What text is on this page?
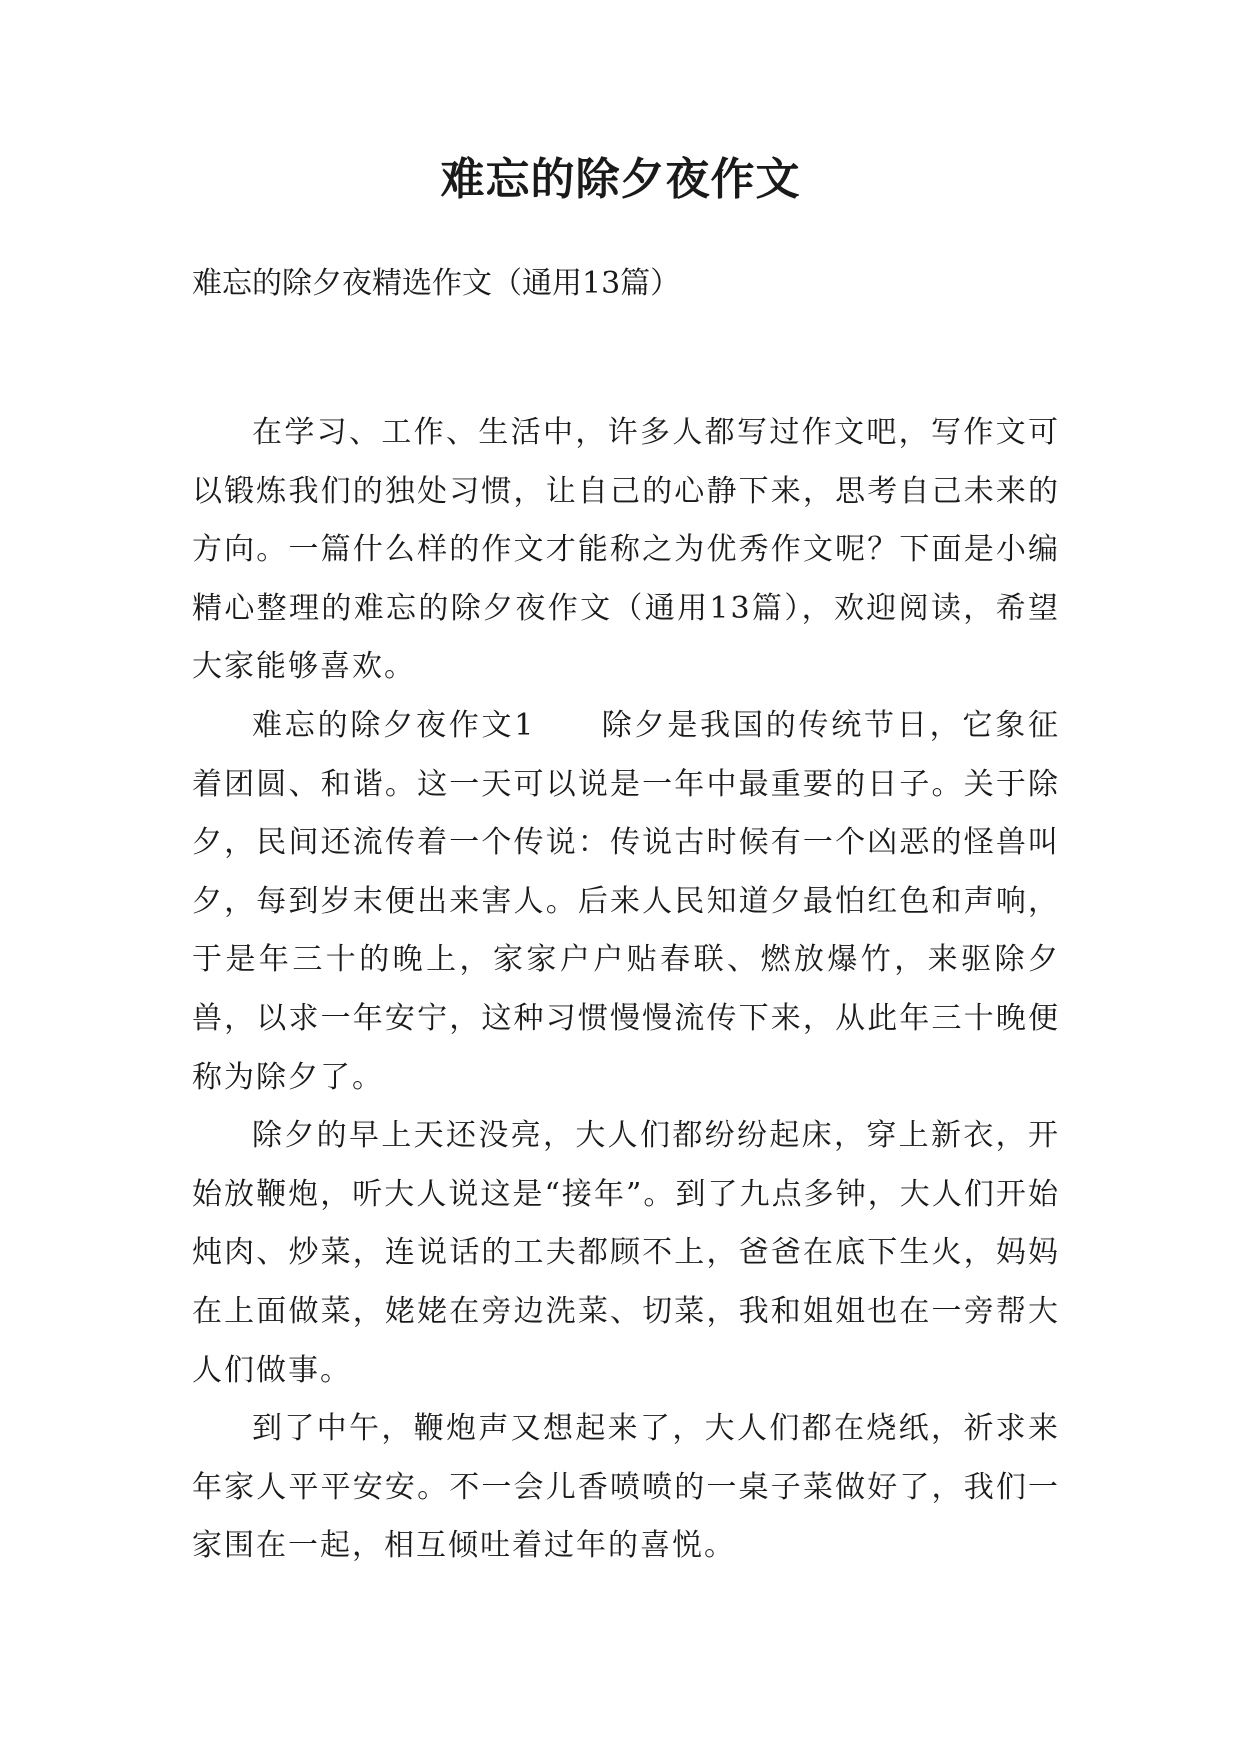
难忘的除夕夜作文
难忘的除夕夜精选作文（通用13篇）

在学习、工作、生活中，许多人都写过作文吧，写作文可以锻炼我们的独处习惯，让自己的心静下来，思考自己未来的方向。一篇什么样的作文才能称之为优秀作文呢？下面是小编精心整理的难忘的除夕夜作文（通用13篇），欢迎阅读，希望大家能够喜欢。

难忘的除夕夜作文1　　除夕是我国的传统节日，它象征着团圆、和谐。这一天可以说是一年中最重要的日子。关于除夕，民间还流传着一个传说：传说古时候有一个凶恶的怪兽叫夕，每到岁末便出来害人。后来人民知道夕最怕红色和声响，于是年三十的晚上，家家户户贴春联、燃放爆竹，来驱除夕兽，以求一年安宁，这种习惯慢慢流传下来，从此年三十晚便称为除夕了。

除夕的早上天还没亮，大人们都纷纷起床，穿上新衣，开始放鞭炮，听大人说这是“接年”。到了九点多钟，大人们开始炖肉、炒菜，连说话的工夫都顾不上，爸爸在底下生火，妈妈在上面做菜，姥姥在旁边洗菜、切菜，我和姐姐也在一旁帮大人们做事。

到了中午，鞭炮声又想起来了，大人们都在烧纸，祈求来年家人平平安安。不一会儿香喷喷的一桌子菜做好了，我们一家围在一起，相互倾吐着过年的喜悦。
